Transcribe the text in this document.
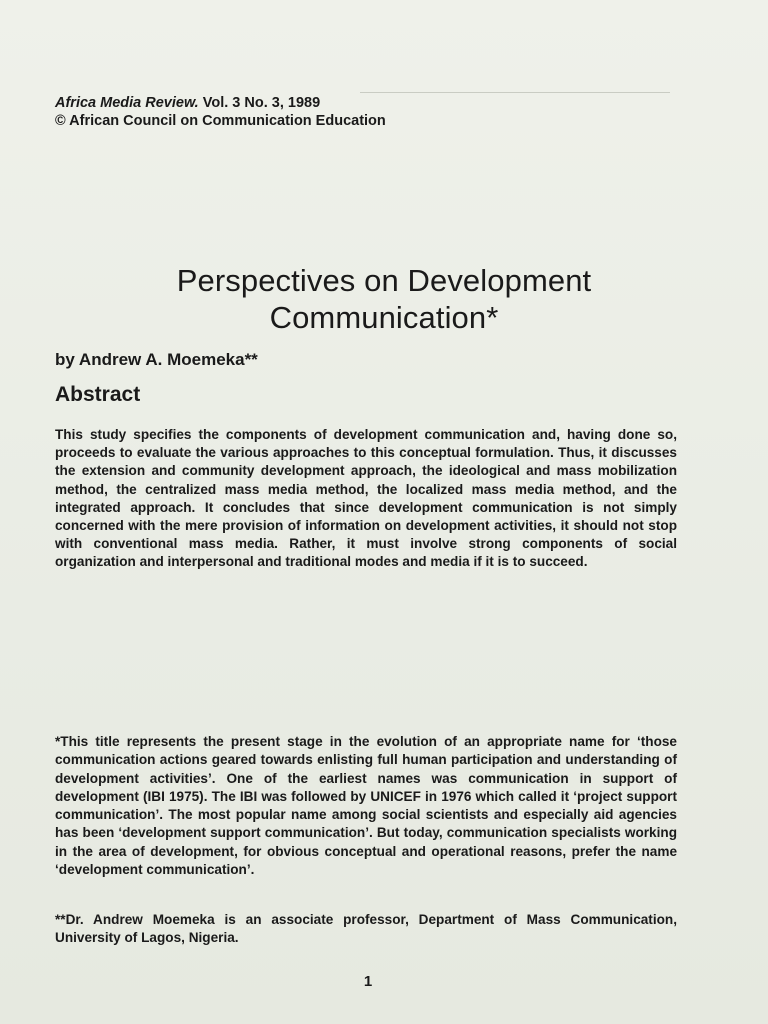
Africa Media Review. Vol. 3 No. 3, 1989
© African Council on Communication Education
Perspectives on Development
Communication*
by Andrew A. Moemeka**
Abstract

This study specifies the components of development communication and, having done so, proceeds to evaluate the various approaches to this conceptual formulation. Thus, it discusses the extension and community development approach, the ideological and mass mobilization method, the centralized mass media method, the localized mass media method, and the integrated approach. It concludes that since development communication is not simply concerned with the mere provision of information on development activities, it should not stop with conventional mass media. Rather, it must involve strong components of social organization and interpersonal and traditional modes and media if it is to succeed.

*This title represents the present stage in the evolution of an appropriate name for ‘those communication actions geared towards enlisting full human participation and understanding of development activities’. One of the earliest names was communication in support of development (IBI 1975). The IBI was followed by UNICEF in 1976 which called it ‘project support communication’. The most popular name among social scientists and especially aid agencies has been ‘development support communication’. But today, communication specialists working in the area of development, for obvious conceptual and operational reasons, prefer the name ‘development communication’.

**Dr. Andrew Moemeka is an associate professor, Department of Mass Communication, University of Lagos, Nigeria.

1
